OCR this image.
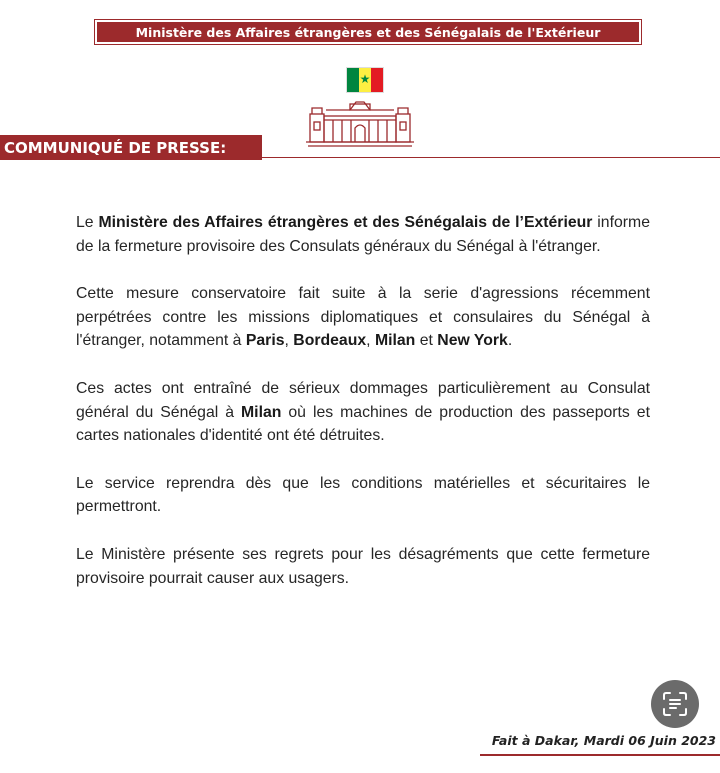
Ministère des Affaires étrangères et des Sénégalais de l'Extérieur
★
COMMUNIQUÉ DE PRESSE:

Le Ministère des Affaires étrangères et des Sénégalais de l’Extérieur informe de la fermeture provisoire des Consulats généraux du Sénégal à l'étranger.

Cette mesure conservatoire fait suite à la serie d'agressions récemment perpétrées contre les missions diplomatiques et consulaires du Sénégal à l'étranger, notamment à Paris, Bordeaux, Milan et New York.

Ces actes ont entraîné de sérieux dommages particulièrement au Consulat général du Sénégal à Milan où les machines de production des passeports et cartes nationales d'identité ont été détruites.

Le service reprendra dès que les conditions matérielles et sécuritaires le permettront.

Le Ministère présente ses regrets pour les désagréments que cette fermeture provisoire pourrait causer aux usagers.

Fait à Dakar, Mardi 06 Juin 2023
